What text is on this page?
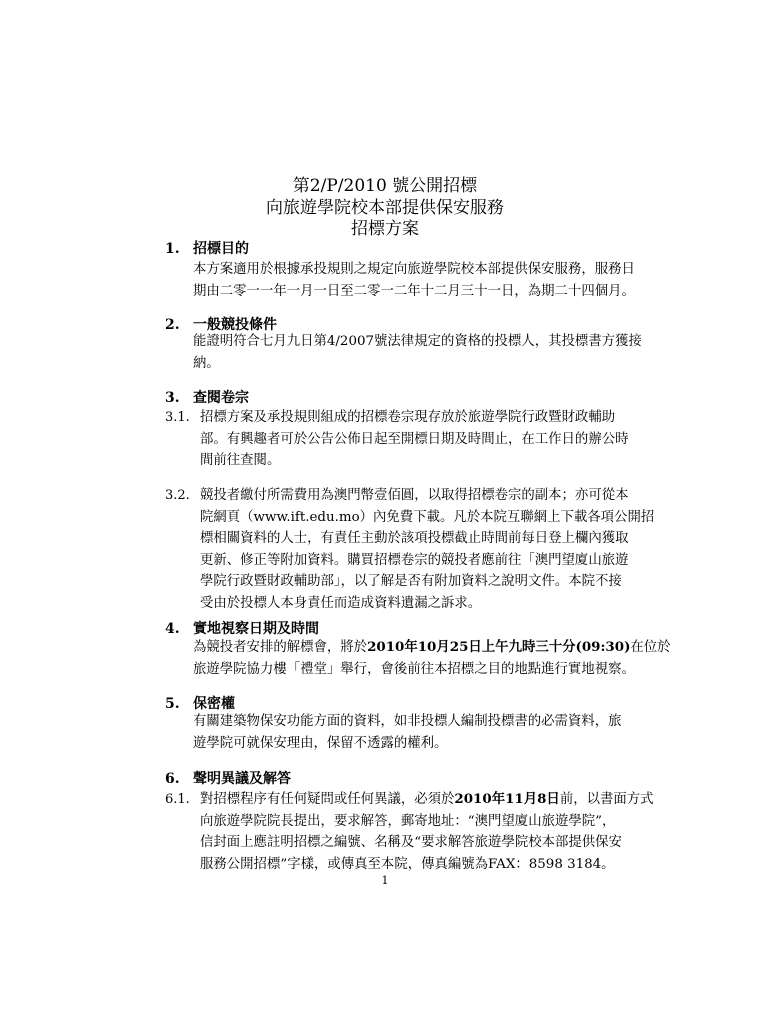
第2/P/2010 號公開招標
向旅遊學院校本部提供保安服務
招標方案
1. 招標目的
本方案適用於根據承投規則之規定向旅遊學院校本部提供保安服務，服務日
期由二零一一年一月一日至二零一二年十二月三十一日，為期二十四個月。
2. 一般競投條件
能證明符合七月九日第4/2007號法律規定的資格的投標人，其投標書方獲接
納。
3. 查閱卷宗
3.1. 招標方案及承投規則組成的招標卷宗現存放於旅遊學院行政暨財政輔助
部。有興趣者可於公告公佈日起至開標日期及時間止，在工作日的辦公時
間前往查閱。
3.2. 競投者繳付所需費用為澳門幣壹佰圓，以取得招標卷宗的副本；亦可從本
院網頁（www.ift.edu.mo）內免費下載。凡於本院互聯網上下載各項公開招
標相關資料的人士，有責任主動於該項投標截止時間前每日登上欄內獲取
更新、修正等附加資料。購買招標卷宗的競投者應前往「澳門望廈山旅遊
學院行政暨財政輔助部」，以了解是否有附加資料之說明文件。本院不接
受由於投標人本身責任而造成資料遺漏之訴求。
4. 實地視察日期及時間
為競投者安排的解標會，將於2010年10月25日上午九時三十分(09:30)在位於
旅遊學院協力樓「禮堂」舉行，會後前往本招標之目的地點進行實地視察。
5. 保密權
有關建築物保安功能方面的資料，如非投標人編制投標書的必需資料，旅
遊學院可就保安理由，保留不透露的權利。
6. 聲明異議及解答
6.1. 對招標程序有任何疑問或任何異議，必須於2010年11月8日前，以書面方式
向旅遊學院院長提出，要求解答，郵寄地址：“澳門望廈山旅遊學院”，
信封面上應註明招標之編號、名稱及“要求解答旅遊學院校本部提供保安
服務公開招標”字樣，或傳真至本院，傳真編號為FAX：8598 3184。
1
